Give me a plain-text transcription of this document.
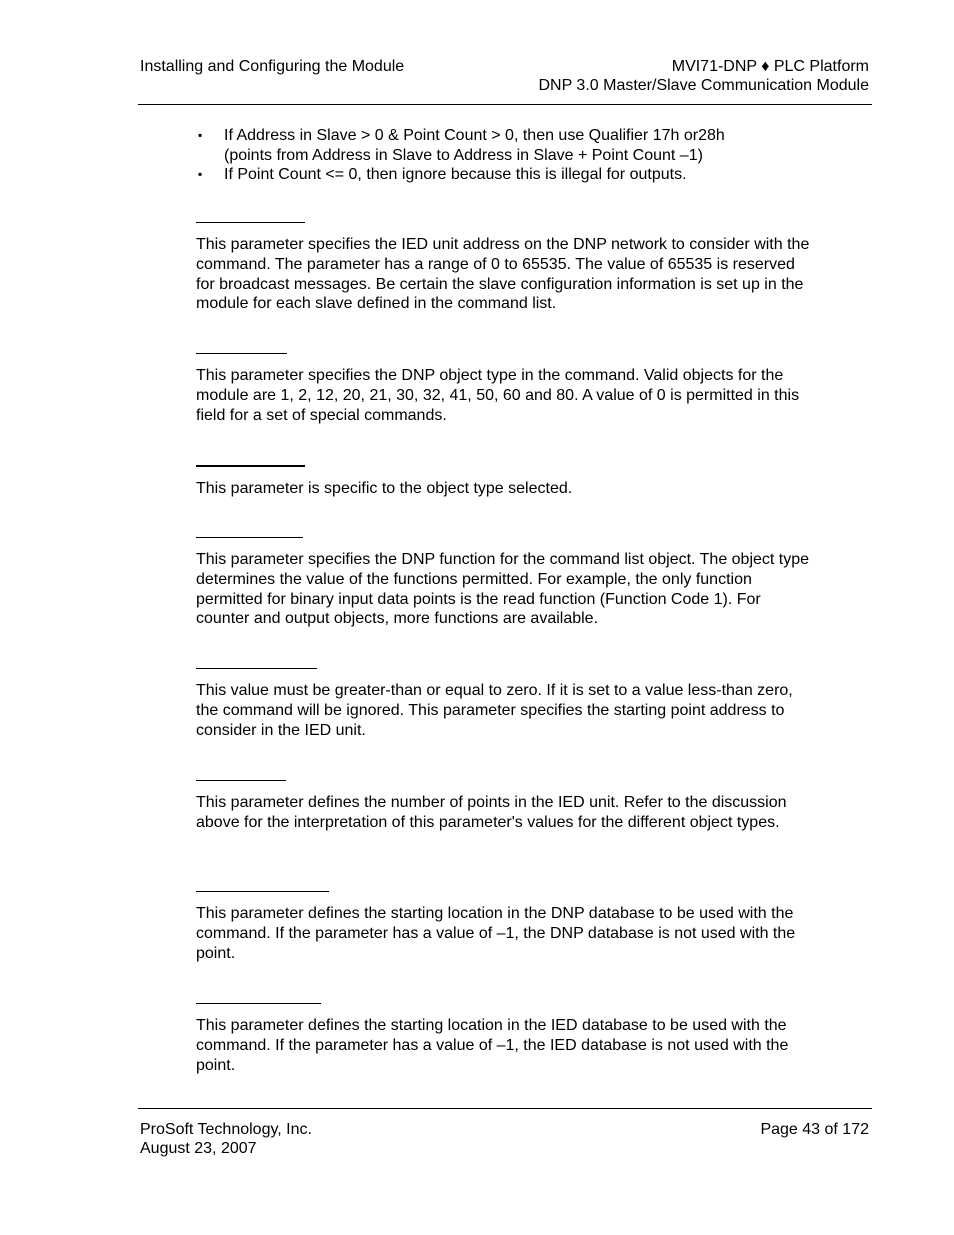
Installing and Configuring the Module	MVI71-DNP ♦ PLC Platform
DNP 3.0 Master/Slave Communication Module
▪ If Address in Slave > 0 & Point Count > 0, then use Qualifier 17h or28h
(points from Address in Slave to Address in Slave + Point Count –1)
▪ If Point Count <= 0, then ignore because this is illegal for outputs.
This parameter specifies the IED unit address on the DNP network to consider with the command. The parameter has a range of 0 to 65535. The value of 65535 is reserved for broadcast messages. Be certain the slave configuration information is set up in the module for each slave defined in the command list.
This parameter specifies the DNP object type in the command. Valid objects for the module are 1, 2, 12, 20, 21, 30, 32, 41, 50, 60 and 80. A value of 0 is permitted in this field for a set of special commands.
This parameter is specific to the object type selected.
This parameter specifies the DNP function for the command list object. The object type determines the value of the functions permitted. For example, the only function permitted for binary input data points is the read function (Function Code 1). For counter and output objects, more functions are available.
This value must be greater-than or equal to zero. If it is set to a value less-than zero, the command will be ignored. This parameter specifies the starting point address to consider in the IED unit.
This parameter defines the number of points in the IED unit. Refer to the discussion above for the interpretation of this parameter's values for the different object types.
This parameter defines the starting location in the DNP database to be used with the command. If the parameter has a value of –1, the DNP database is not used with the point.
This parameter defines the starting location in the IED database to be used with the command. If the parameter has a value of –1, the IED database is not used with the point.
ProSoft Technology, Inc.
August 23, 2007
Page 43 of 172
